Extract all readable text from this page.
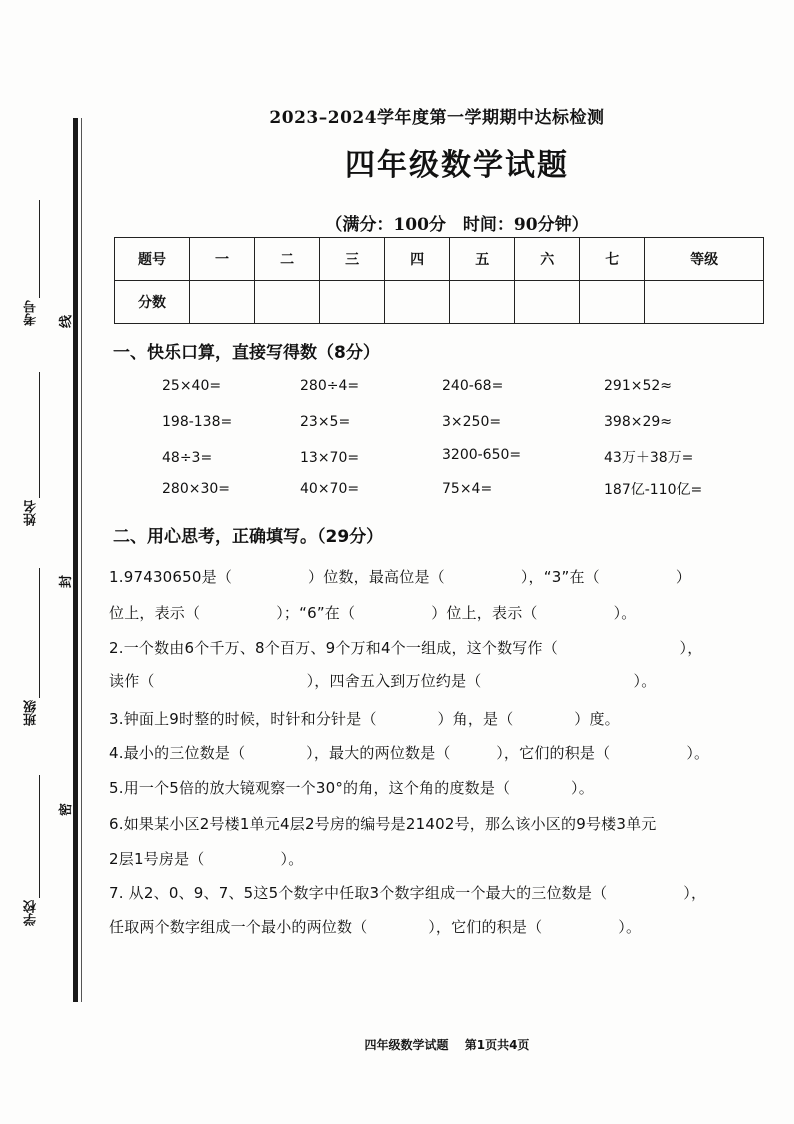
考号
姓名
班级
学校
线
封
密
2023–2024学年度第一学期期中达标检测
四年级数学试题
（满分：100分　时间：90分钟）
题号	一	二	三	四	五	六	七	等级
分数								
一、快乐口算，直接写得数（8分）
25×40=	280÷4=	240-68=	291×52≈
198-138=	23×5=	3×250=	398×29≈
48÷3=	13×70=	3200-650=	43万＋38万=
280×30=	40×70=	75×4=	187亿-110亿=
二、用心思考，正确填写。（29分）
1.97430650是（　　　　　）位数，最高位是（　　　　　），“3”在（　　　　　）
位上，表示（　　　　　）；“6”在（　　　　　）位上，表示（　　　　　）。
2.一个数由6个千万、8个百万、9个万和4个一组成，这个数写作（　　　　　　　　），
读作（　　　　　　　　　　），四舍五入到万位约是（　　　　　　　　　　）。
3.钟面上9时整的时候，时针和分针是（　　　　）角，是（　　　　）度。
4.最小的三位数是（　　　　），最大的两位数是（　　　），它们的积是（　　　　　）。
5.用一个5倍的放大镜观察一个30°的角，这个角的度数是（　　　　）。
6.如果某小区2号楼1单元4层2号房的编号是21402号，那么该小区的9号楼3单元
2层1号房是（　　　　　）。
7. 从2、0、9、7、5这5个数字中任取3个数字组成一个最大的三位数是（　　　　　），
任取两个数字组成一个最小的两位数（　　　　），它们的积是（　　　　　）。
四年级数学试题　 第1页共4页
